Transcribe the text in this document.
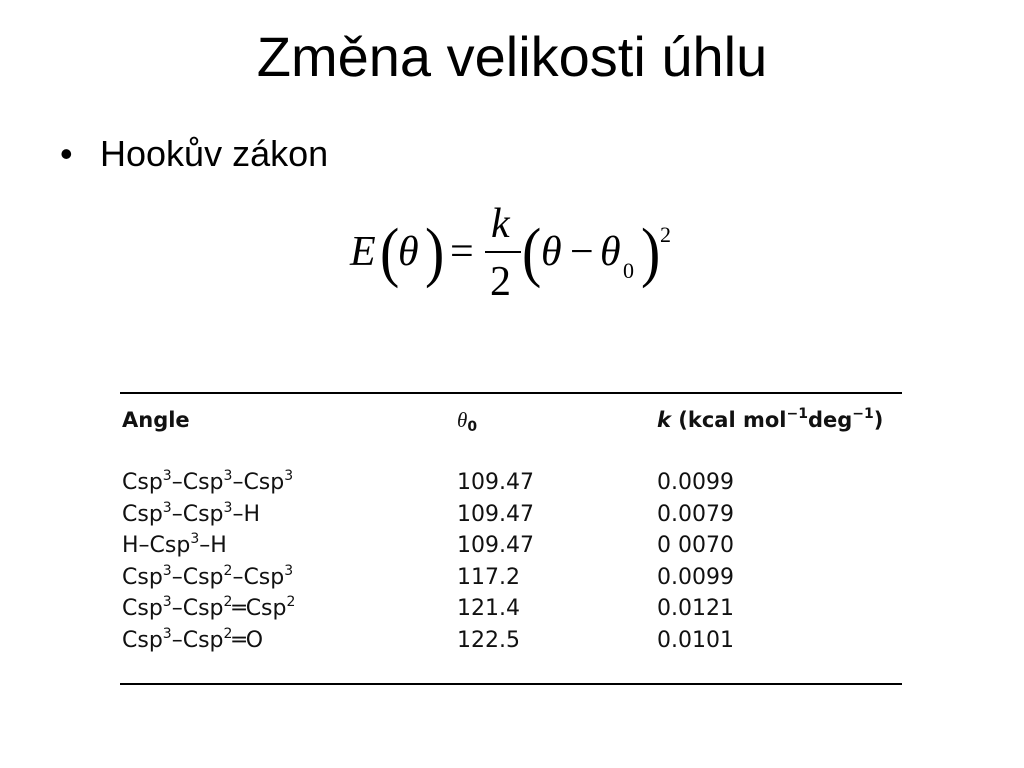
Změna velikosti úhlu
• Hookův zákon
E (
θ ) =
k
2 ( θ − θ 0 ) 2
Angle	$\theta_0$	k (kcal mol$^{-1}$deg$^{-1}$)
Csp$^3$–Csp$^3$–Csp$^3$	109.47	0.0099
Csp$^3$–Csp$^3$–H	109.47	0.0079
H–Csp$^3$–H	109.47	0 0070
Csp$^3$–Csp$^2$–Csp$^3$	117.2	0.0099
Csp$^3$–Csp$^2$═Csp$^2$	121.4	0.0121
Csp$^3$–Csp$^2$═O	122.5	0.0101
